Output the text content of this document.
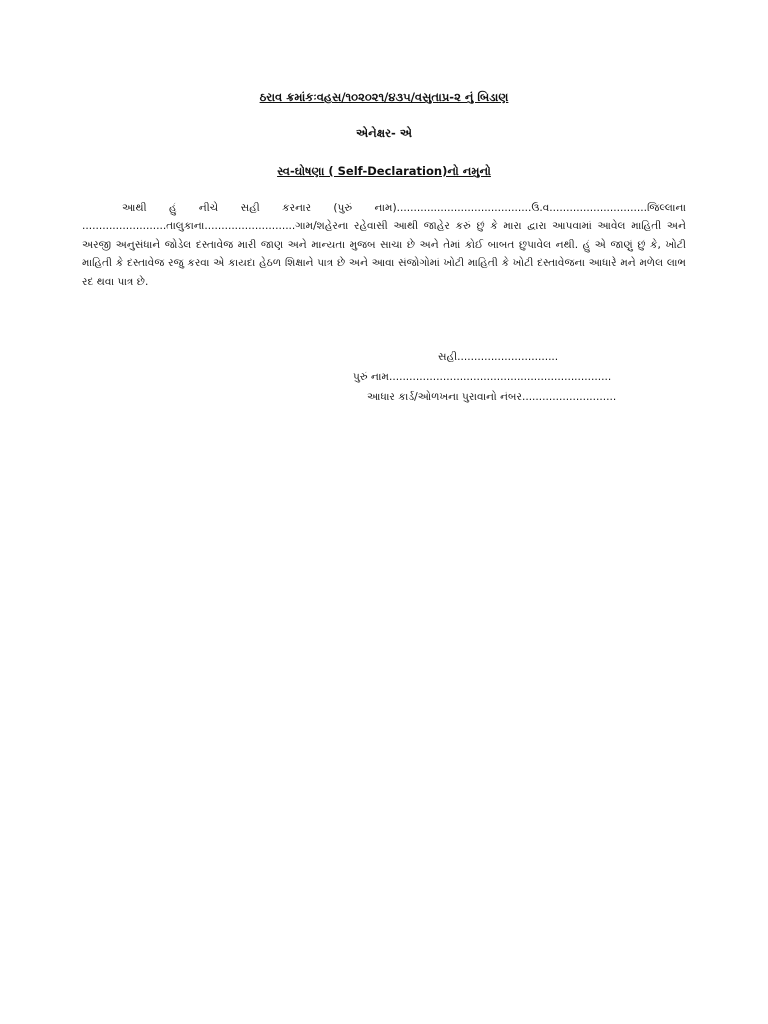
ઠરાવ ક્રમાંકઃવહસ/૧૦૨૦૨૧/૪૩૫/વસુતાપ્ર-૨ નું બિડાણ
એનેક્ષર- એ
સ્વ-ઘોષણા ( Self-Declaration)નો નમુનો

આથી હું નીચે સહી કરનાર (પુરું નામ)........................................ઉ.વ.............................જિલ્લાના .........................તાલુકાના...........................ગામ/શહેરના રહેવાસી આથી જાહેર કરું છું કે મારા દ્વારા આપવામાં આવેલ માહિતી અને અરજી અનુસંધાને જોડેલ દસ્તાવેજ મારી જાણ અને માન્યતા મુજબ સાચા છે અને તેમાં કોઈ બાબત છુપાવેલ નથી. હું એ જાણું છું કે, ખોટી માહિતી કે દસ્તાવેજ રજુ કરવા એ કાયદા હેઠળ શિક્ષાને પાત્ર છે અને આવા સંજોગોમાં ખોટી માહિતી કે ખોટી દસ્તાવેજના આધારે મને મળેલ લાભ રદ થવા પાત્ર છે.

સહી..............................
પુરું નામ..................................................................
આધાર કાર્ડ/ઓળખના પુરાવાનો નંબર............................
